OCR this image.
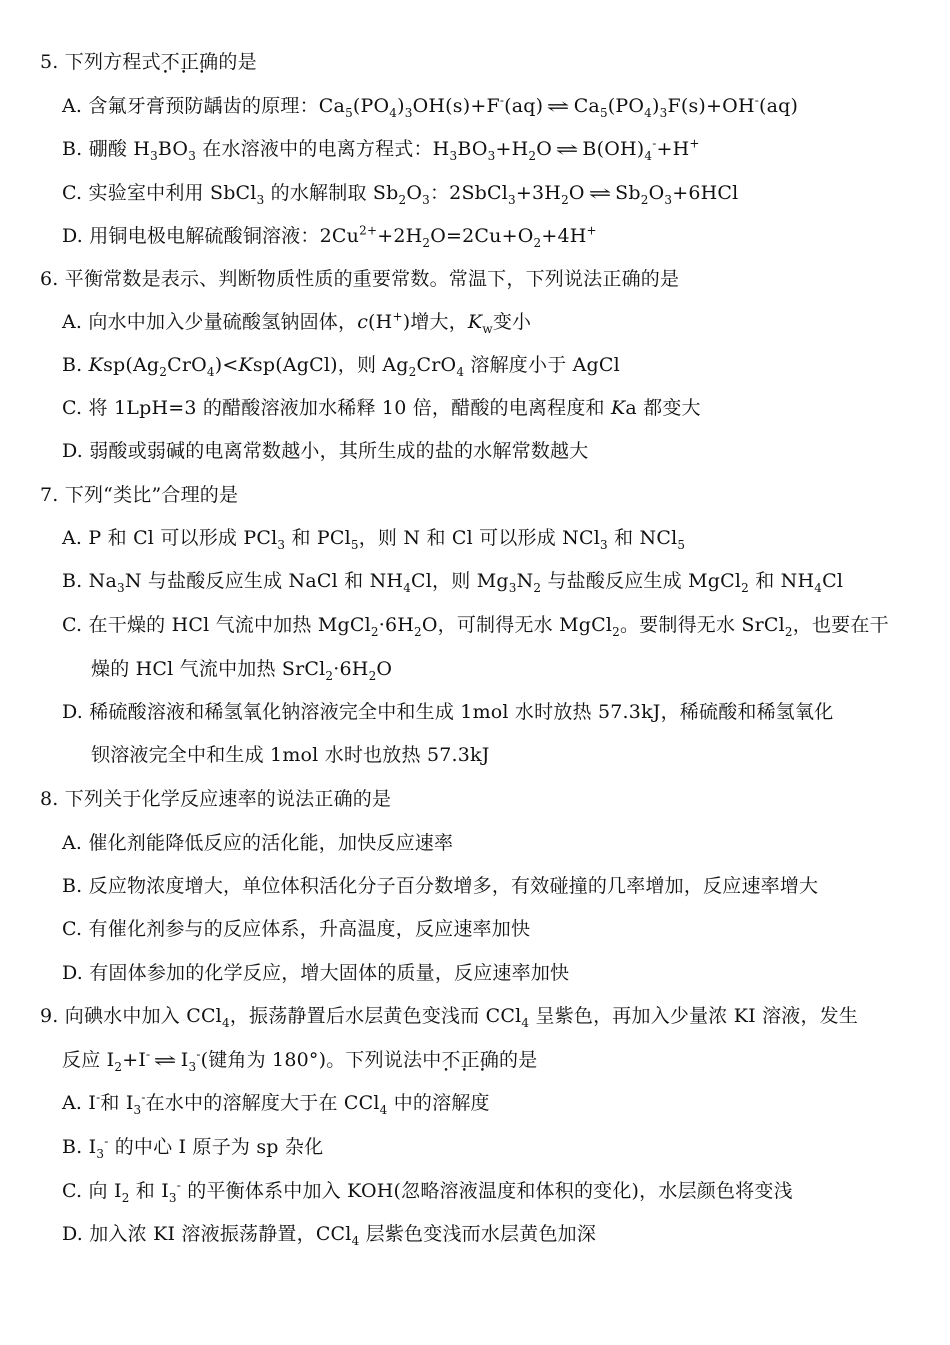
5. 下列方程式不正确 • • •的是
A. 含氟牙膏预防龋齿的原理：$Ca_5(PO_4)_3OH(s)+F^-(aq)$ ⇌ $Ca_5(PO_4)_3F(s)+OH^-(aq)$
B. 硼酸 $H_3BO_3$ 在水溶液中的电离方程式：$H_3BO_3+H_2O$ ⇌ $B(OH)_4^-+H^+$
C. 实验室中利用 SbCl$_3$ 的水解制取 $Sb_2O_3$：$2SbCl_3+3H_2O$ ⇌ $Sb_2O_3+6HCl$
D. 用铜电极电解硫酸铜溶液：$2Cu^{2+}+2H_2O=2Cu+O_2+4H^+$
6. 平衡常数是表示、判断物质性质的重要常数。常温下，下列说法正确的是
A. 向水中加入少量硫酸氢钠固体，c(H+)增大，$K_w$变小
B. $Ksp(Ag_2CrO_4)<Ksp(AgCl)$，则 $Ag_2CrO_4$ 溶解度小于 AgCl
C. 将 1LpH=3 的醋酸溶液加水稀释 10 倍，醋酸的电离程度和 Ka 都变大
D. 弱酸或弱碱的电离常数越小，其所生成的盐的水解常数越大
7. 下列“类比”合理的是
A. P 和 Cl 可以形成 PCl$_3$ 和 PCl$_5$，则 N 和 Cl 可以形成 NCl$_3$ 和 NCl$_5$
B. $Na_3N$ 与盐酸反应生成 NaCl 和 $NH_4Cl$，则 $Mg_3N_2$ 与盐酸反应生成 MgCl$_2$ 和 $NH_4Cl$
C. 在干燥的 HCl 气流中加热 $MgCl_2\cdot 6H_2O$，可制得无水 MgCl$_2$。要制得无水 SrCl$_2$，也要在干
燥的 HCl 气流中加热 $SrCl_2\cdot 6H_2O$
D. 稀硫酸溶液和稀氢氧化钠溶液完全中和生成 1mol 水时放热 57.3kJ，稀硫酸和稀氢氧化
钡溶液完全中和生成 1mol 水时也放热 57.3kJ
8. 下列关于化学反应速率的说法正确的是
A. 催化剂能降低反应的活化能，加快反应速率
B. 反应物浓度增大，单位体积活化分子百分数增多，有效碰撞的几率增加，反应速率增大
C. 有催化剂参与的反应体系，升高温度，反应速率加快
D. 有固体参加的化学反应，增大固体的质量，反应速率加快
9. 向碘水中加入 CCl$_4$，振荡静置后水层黄色变浅而 CCl$_4$ 呈紫色，再加入少量浓 KI 溶液，发生
反应 $I_2+I^-$ ⇌ $I_3^-$(键角为 180°)。下列说法中不正确 • • •的是
A. I-和 $I_3^-$在水中的溶解度大于在 CCl$_4$ 中的溶解度
B. $I_3^-$ 的中心 I 原子为 sp 杂化
C. 向 $I_2$ 和 $I_3^-$ 的平衡体系中加入 KOH(忽略溶液温度和体积的变化)，水层颜色将变浅
D. 加入浓 KI 溶液振荡静置，CCl$_4$ 层紫色变浅而水层黄色加深
